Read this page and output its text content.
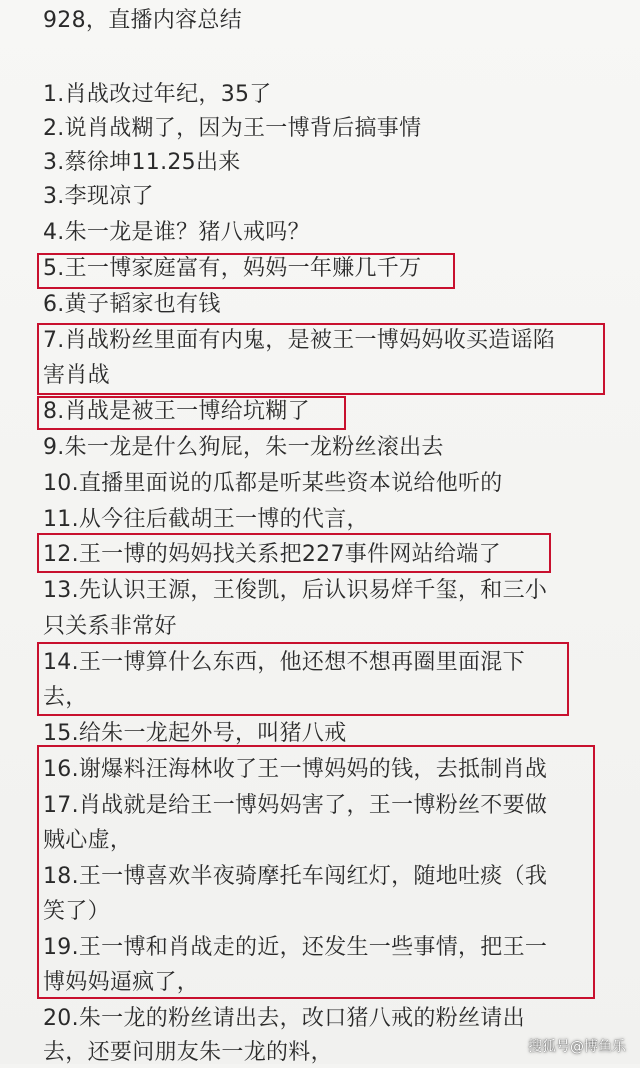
928，直播内容总结
1.肖战改过年纪，35了
2.说肖战糊了，因为王一博背后搞事情
3.蔡徐坤11.25出来
3.李现凉了
4.朱一龙是谁？猪八戒吗？
5.王一博家庭富有，妈妈一年赚几千万
6.黄子韬家也有钱
7.肖战粉丝里面有内鬼，是被王一博妈妈收买造谣陷
害肖战
8.肖战是被王一博给坑糊了
9.朱一龙是什么狗屁，朱一龙粉丝滚出去
10.直播里面说的瓜都是听某些资本说给他听的
11.从今往后截胡王一博的代言，
12.王一博的妈妈找关系把227事件网站给端了
13.先认识王源，王俊凯，后认识易烊千玺，和三小
只关系非常好
14.王一博算什么东西，他还想不想再圈里面混下
去，
15.给朱一龙起外号，叫猪八戒
16.谢爆料汪海林收了王一博妈妈的钱，去抵制肖战
17.肖战就是给王一博妈妈害了，王一博粉丝不要做
贼心虚，
18.王一博喜欢半夜骑摩托车闯红灯，随地吐痰（我
笑了）
19.王一博和肖战走的近，还发生一些事情，把王一
博妈妈逼疯了，
20.朱一龙的粉丝请出去，改口猪八戒的粉丝请出
去，还要问朋友朱一龙的料，	搜狐号@博鱼乐
